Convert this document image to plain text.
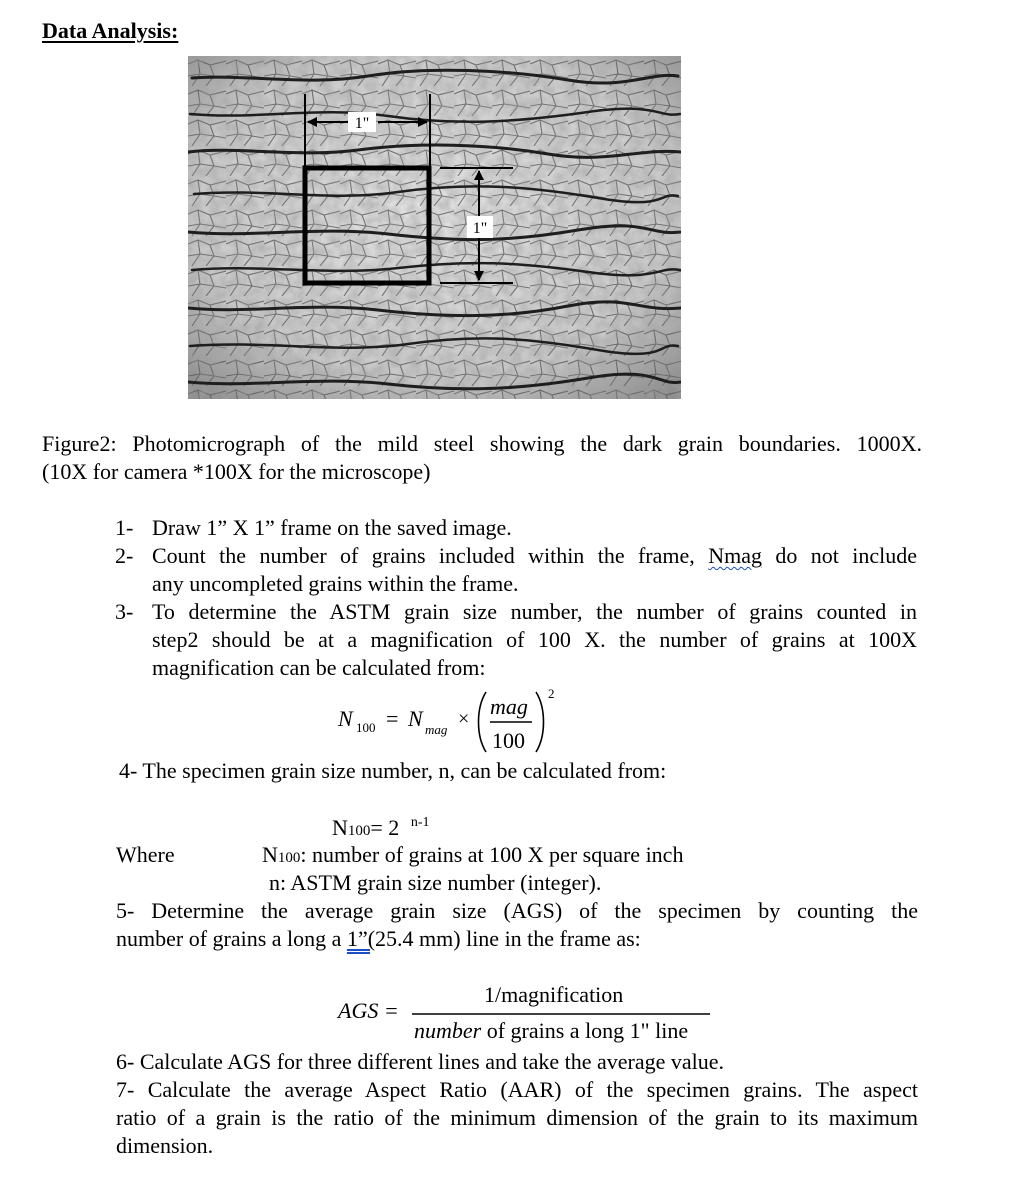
Data Analysis:
1"
1"

Figure2: Photomicrograph of the mild steel showing the dark grain boundaries. 1000X.

(10X for camera *100X for the microscope)

1- Draw 1” X 1” frame on the saved image.
2- Count the number of grains included within the frame, Nmag do not include
any uncompleted grains within the frame.
3- To determine the ASTM grain size number, the number of grains counted in
step2 should be at a magnification of 100 X. the number of grains at 100X
magnification can be calculated from:
N 100 = N mag × mag
100
2
4- The specimen grain size number, n, can be calculated from:
N100= 2 $^{n-1}$
Where	N100: number of grains at 100 X per square inch
n: ASTM grain size number (integer).
5- Determine the average grain size (AGS) of the specimen by counting the
number of grains a long a 1”(25.4 mm) line in the frame as:
AGS =
1/magnification
number of grains a long 1" line
6- Calculate AGS for three different lines and take the average value.
7- Calculate the average Aspect Ratio (AAR) of the specimen grains. The aspect
ratio of a grain is the ratio of the minimum dimension of the grain to its maximum
dimension.
